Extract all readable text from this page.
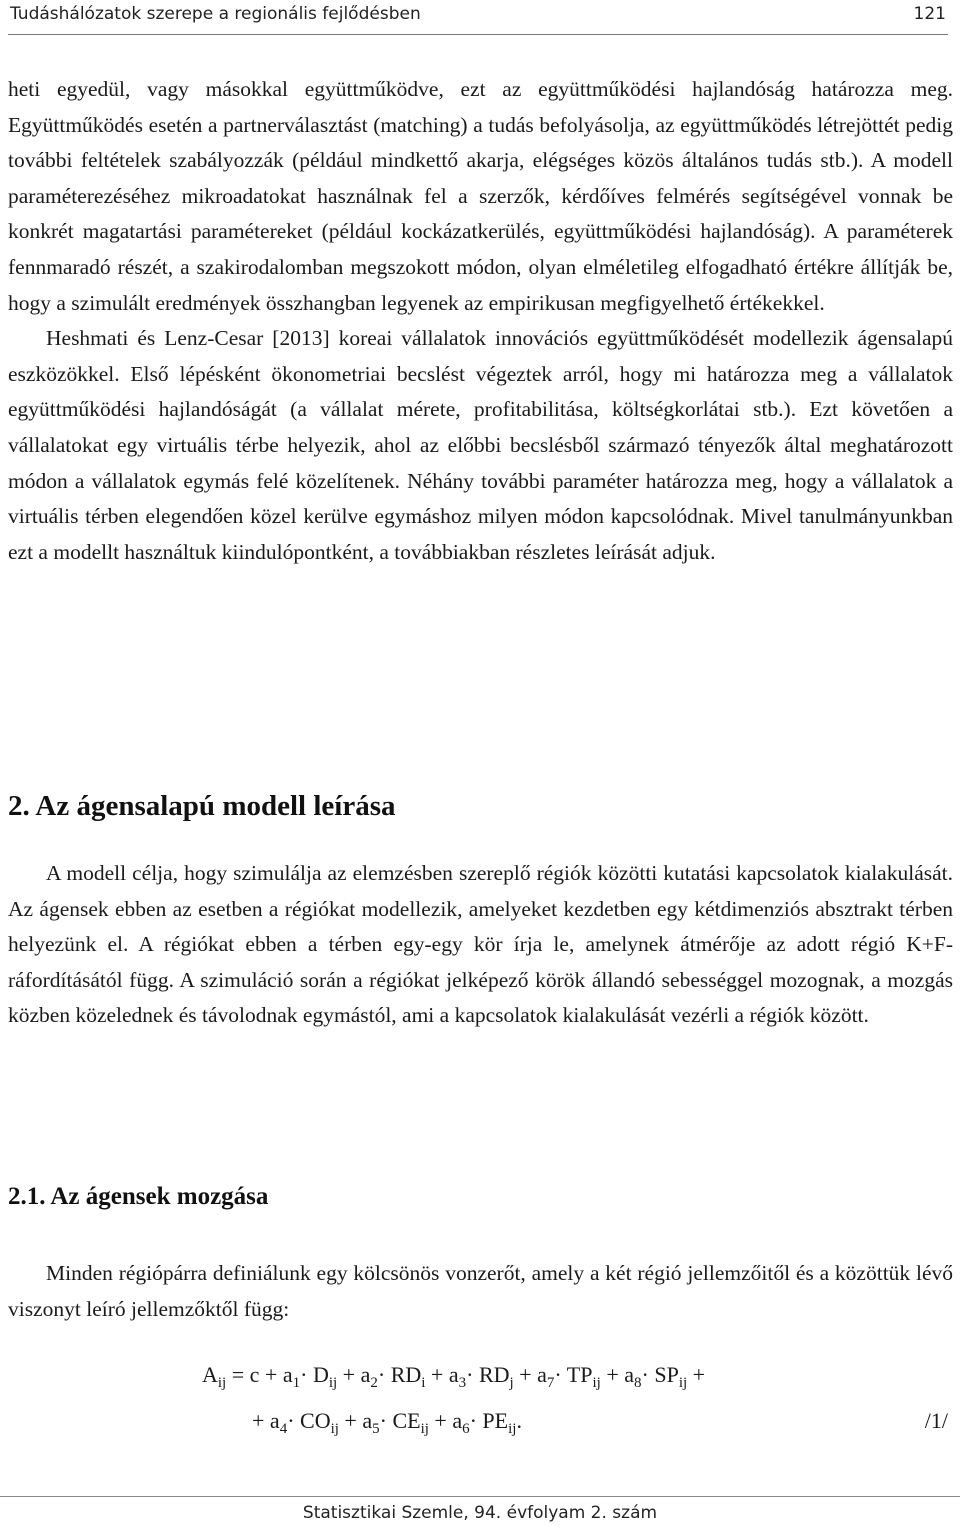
Tudáshálózatok szerepe a regionális fejlődésben	121

heti egyedül, vagy másokkal együttműködve, ezt az együttműködési hajlandóság határozza meg. Együttműködés esetén a partnerválasztást (matching) a tudás befolyásolja, az együttműködés létrejöttét pedig további feltételek szabályozzák (például mindkettő akarja, elégséges közös általános tudás stb.). A modell paraméterezéséhez mikroadatokat használnak fel a szerzők, kérdőíves felmérés segítségével vonnak be konkrét magatartási paramétereket (például kockázatkerülés, együttműködési hajlandóság). A paraméterek fennmaradó részét, a szakirodalomban megszokott módon, olyan elméletileg elfogadható értékre állítják be, hogy a szimulált eredmények összhangban legyenek az empirikusan megfigyelhető értékekkel.

Heshmati és Lenz-Cesar [2013] koreai vállalatok innovációs együttműködését modellezik ágensalapú eszközökkel. Első lépésként ökonometriai becslést végeztek arról, hogy mi határozza meg a vállalatok együttműködési hajlandóságát (a vállalat mérete, profitabilitása, költségkorlátai stb.). Ezt követően a vállalatokat egy virtuális térbe helyezik, ahol az előbbi becslésből származó tényezők által meghatározott módon a vállalatok egymás felé közelítenek. Néhány további paraméter határozza meg, hogy a vállalatok a virtuális térben elegendően közel kerülve egymáshoz milyen módon kapcsolódnak. Mivel tanulmányunkban ezt a modellt használtuk kiindulópontként, a továbbiakban részletes leírását adjuk.

2. Az ágensalapú modell leírása

A modell célja, hogy szimulálja az elemzésben szereplő régiók közötti kutatási kapcsolatok kialakulását. Az ágensek ebben az esetben a régiókat modellezik, amelyeket kezdetben egy kétdimenziós absztrakt térben helyezünk el. A régiókat ebben a térben egy-egy kör írja le, amelynek átmérője az adott régió K+F-ráfordításától függ. A szimuláció során a régiókat jelképező körök állandó sebességgel mozognak, a mozgás közben közelednek és távolodnak egymástól, ami a kapcsolatok kialakulását vezérli a régiók között.

2.1. Az ágensek mozgása

Minden régiópárra definiálunk egy kölcsönös vonzerőt, amely a két régió jellemzőitől és a közöttük lévő viszonyt leíró jellemzőktől függ:

$A_{ij} = c + a_1\cdot D_{ij} + a_2\cdot RD_i + a_3\cdot RD_j + a_7\cdot TP_{ij} + a_8\cdot SP_{ij}$ +
+ $a_4\cdot CO_{ij} + a_5\cdot CE_{ij} + a_6\cdot PE_{ij}$.	/1/
Statisztikai Szemle, 94. évfolyam 2. szám
